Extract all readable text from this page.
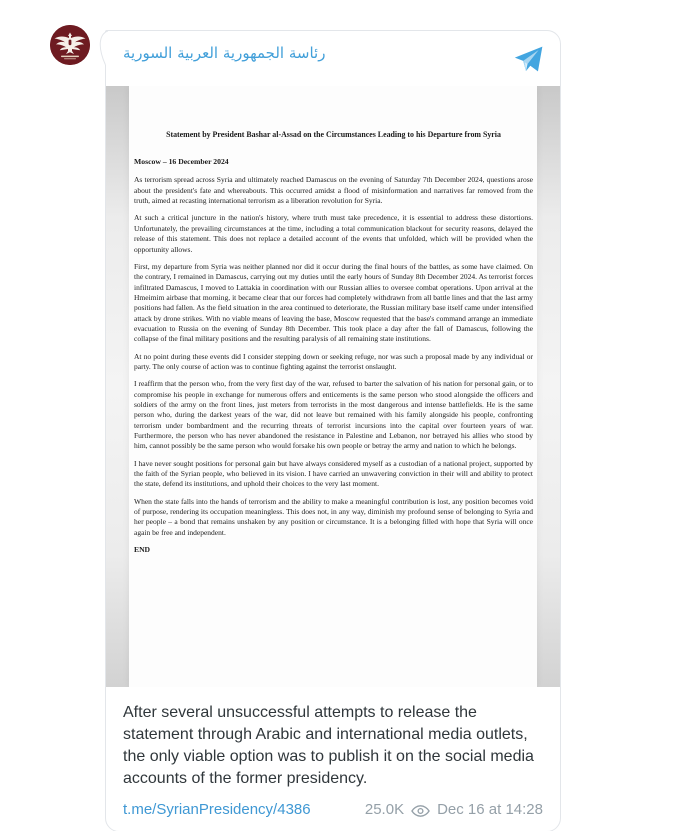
رئاسة الجمهورية العربية السورية
Statement by President Bashar al-Assad on the Circumstances Leading to his Departure from Syria
Moscow – 16 December 2024

As terrorism spread across Syria and ultimately reached Damascus on the evening of Saturday 7th December 2024, questions arose about the president's fate and whereabouts. This occurred amidst a flood of misinformation and narratives far removed from the truth, aimed at recasting international terrorism as a liberation revolution for Syria.

At such a critical juncture in the nation's history, where truth must take precedence, it is essential to address these distortions. Unfortunately, the prevailing circumstances at the time, including a total communication blackout for security reasons, delayed the release of this statement. This does not replace a detailed account of the events that unfolded, which will be provided when the opportunity allows.

First, my departure from Syria was neither planned nor did it occur during the final hours of the battles, as some have claimed. On the contrary, I remained in Damascus, carrying out my duties until the early hours of Sunday 8th December 2024. As terrorist forces infiltrated Damascus, I moved to Lattakia in coordination with our Russian allies to oversee combat operations. Upon arrival at the Hmeimim airbase that morning, it became clear that our forces had completely withdrawn from all battle lines and that the last army positions had fallen. As the field situation in the area continued to deteriorate, the Russian military base itself came under intensified attack by drone strikes. With no viable means of leaving the base, Moscow requested that the base's command arrange an immediate evacuation to Russia on the evening of Sunday 8th December. This took place a day after the fall of Damascus, following the collapse of the final military positions and the resulting paralysis of all remaining state institutions.

At no point during these events did I consider stepping down or seeking refuge, nor was such a proposal made by any individual or party. The only course of action was to continue fighting against the terrorist onslaught.

I reaffirm that the person who, from the very first day of the war, refused to barter the salvation of his nation for personal gain, or to compromise his people in exchange for numerous offers and enticements is the same person who stood alongside the officers and soldiers of the army on the front lines, just meters from terrorists in the most dangerous and intense battlefields. He is the same person who, during the darkest years of the war, did not leave but remained with his family alongside his people, confronting terrorism under bombardment and the recurring threats of terrorist incursions into the capital over fourteen years of war. Furthermore, the person who has never abandoned the resistance in Palestine and Lebanon, nor betrayed his allies who stood by him, cannot possibly be the same person who would forsake his own people or betray the army and nation to which he belongs.

I have never sought positions for personal gain but have always considered myself as a custodian of a national project, supported by the faith of the Syrian people, who believed in its vision. I have carried an unwavering conviction in their will and ability to protect the state, defend its institutions, and uphold their choices to the very last moment.

When the state falls into the hands of terrorism and the ability to make a meaningful contribution is lost, any position becomes void of purpose, rendering its occupation meaningless. This does not, in any way, diminish my profound sense of belonging to Syria and her people – a bond that remains unshaken by any position or circumstance. It is a belonging filled with hope that Syria will once again be free and independent.

END
After several unsuccessful attempts to release the statement through Arabic and international media outlets, the only viable option was to publish it on the social media accounts of the former presidency.
t.me/SyrianPresidency/4386	25.0K Dec 16 at 14:28
